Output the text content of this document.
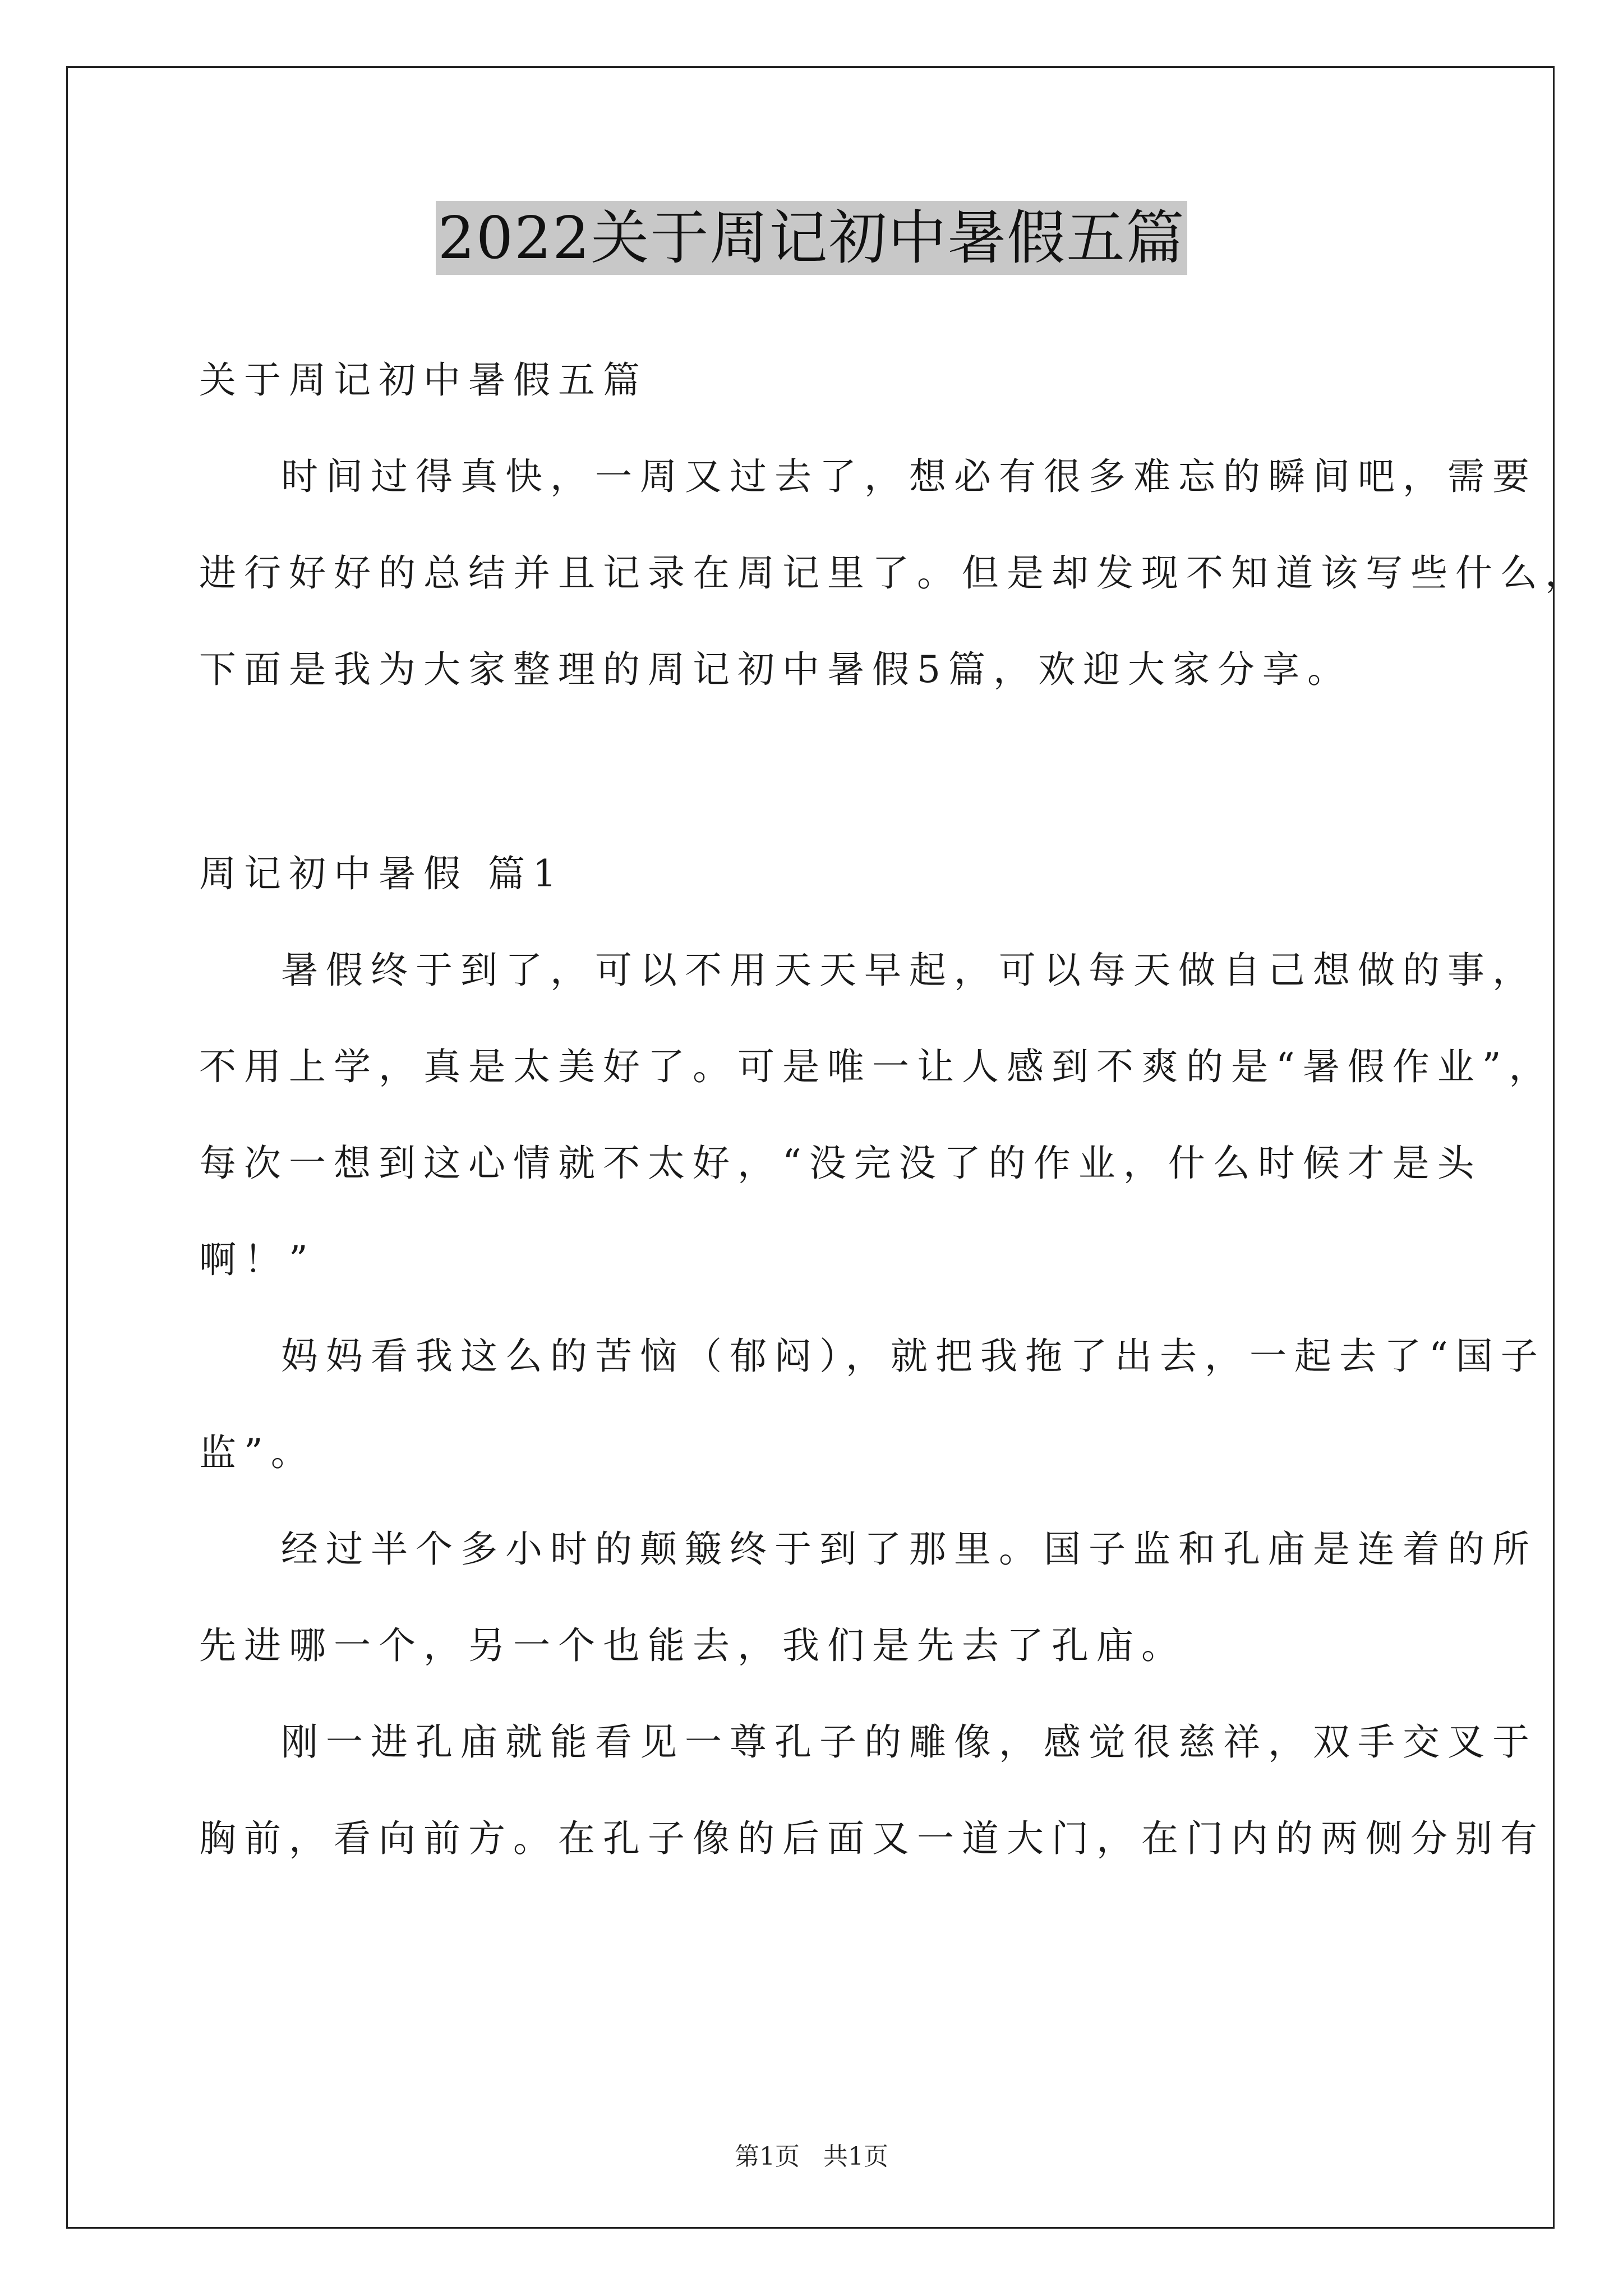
2022关于周记初中暑假五篇
关于周记初中暑假五篇
时间过得真快，一周又过去了，想必有很多难忘的瞬间吧，需要
进行好好的总结并且记录在周记里了。但是却发现不知道该写些什么，
下面是我为大家整理的周记初中暑假5篇，欢迎大家分享。
周记初中暑假 篇1
暑假终于到了，可以不用天天早起，可以每天做自己想做的事，
不用上学，真是太美好了。可是唯一让人感到不爽的是“暑假作业”，
每次一想到这心情就不太好，“没完没了的作业，什么时候才是头
啊！”
妈妈看我这么的苦恼（郁闷），就把我拖了出去，一起去了“国子
监”。
经过半个多小时的颠簸终于到了那里。国子监和孔庙是连着的所
先进哪一个，另一个也能去，我们是先去了孔庙。
刚一进孔庙就能看见一尊孔子的雕像，感觉很慈祥，双手交叉于
胸前，看向前方。在孔子像的后面又一道大门，在门内的两侧分别有
第1页   共1页
